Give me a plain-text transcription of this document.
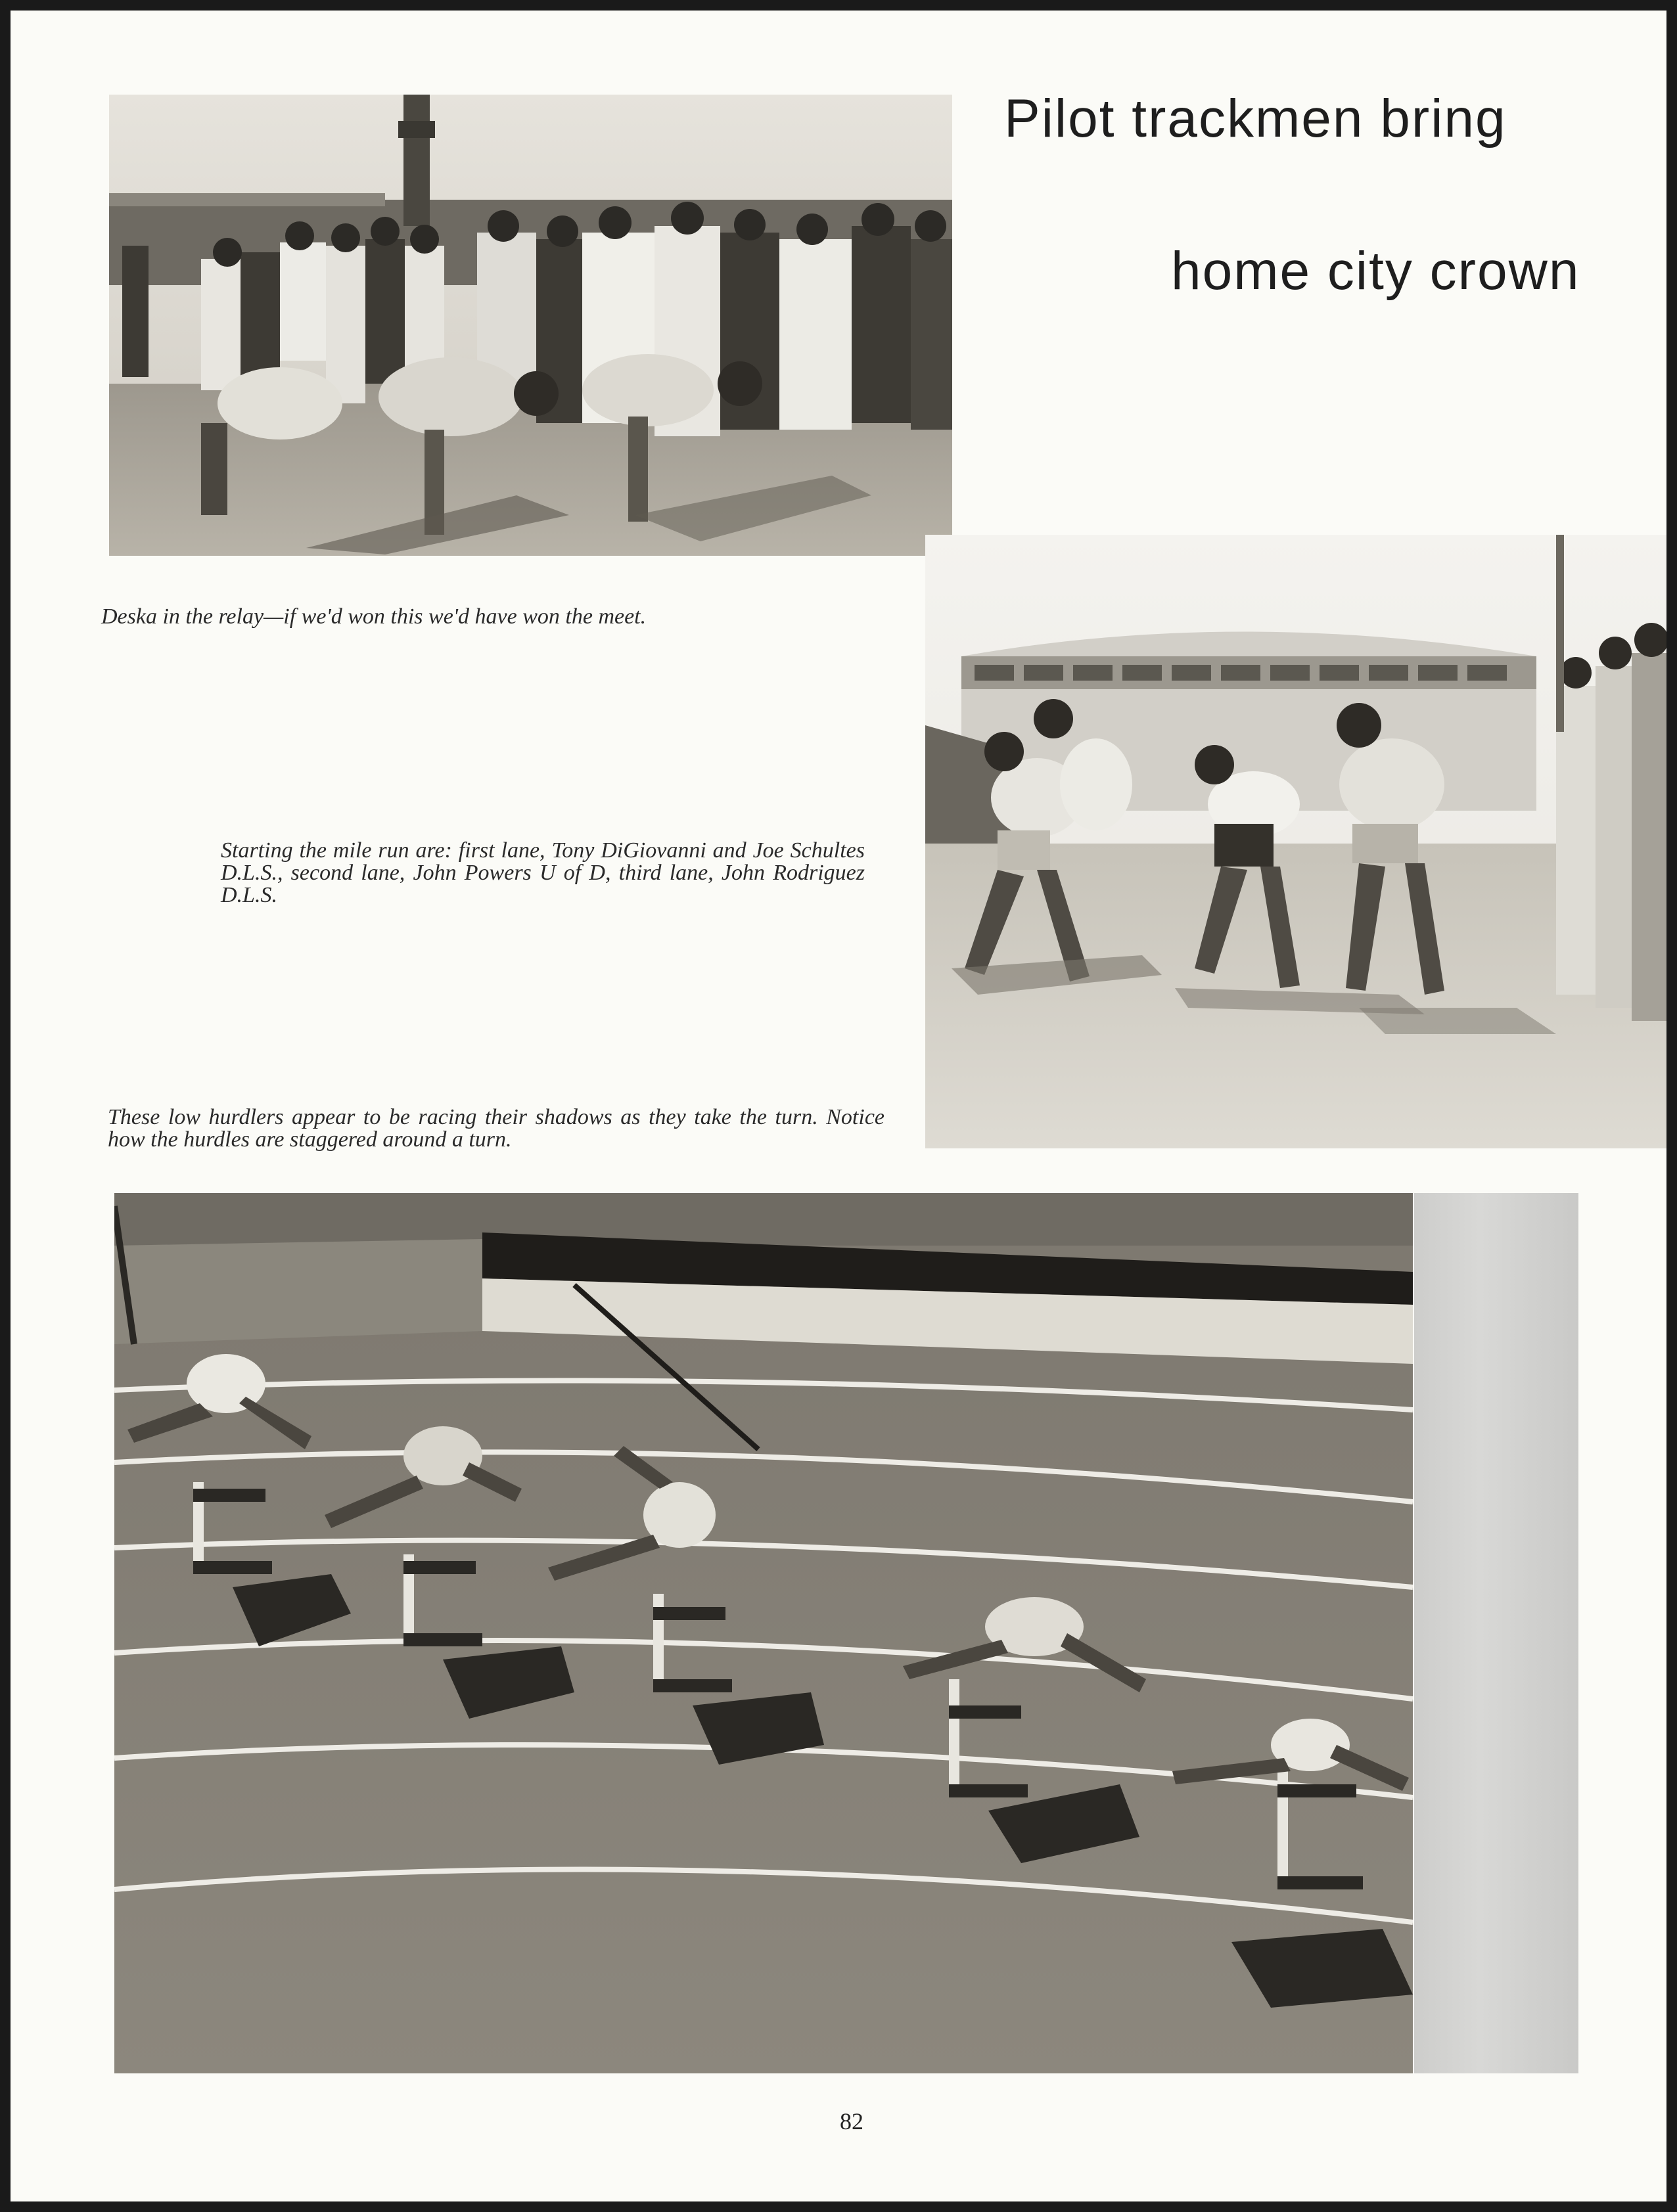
Pilot trackmen bring
home city crown
Deska in the relay—if we'd won this we'd have won the meet.
Starting the mile run are: first lane, Tony DiGiovanni and Joe Schultes D.L.S., second lane, John Powers U of D, third lane, John Rodriguez D.L.S.
These low hurdlers appear to be racing their shadows as they take the turn. Notice how the hurdles are staggered around a turn.
82
